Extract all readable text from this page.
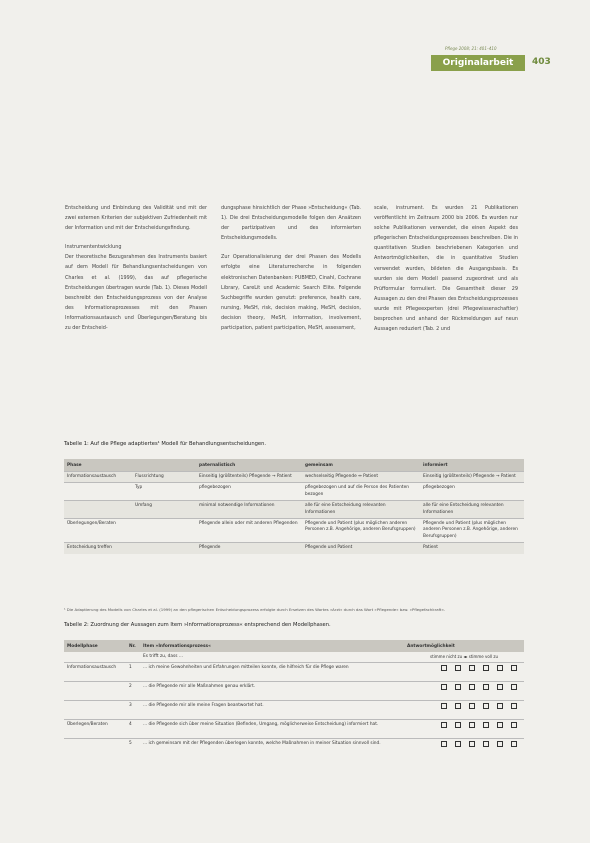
Pflege 2008; 21: 401–410
Originalarbeit	403

Entscheidung und Einbindung des Validität und mit der zwei externen Kriterien der subjektiven Zufriedenheit mit der Information und mit der Entscheidungsfindung.

Instrumententwicklung

Der theoretische Bezugsrahmen des Instruments basiert auf dem Modell für Behandlungsentscheidungen von Charles et al. (1999), das auf pflegerische Entscheidungen übertragen wurde (Tab. 1). Dieses Modell beschreibt den Entscheidungsprozess von der Analyse des Informationsprozesses mit den Phasen Informationsaustausch und Überlegungen/Beratung bis zu der Entscheid-

dungsphase hinsichtlich der Phase »Entscheidung« (Tab. 1). Die drei Entscheidungsmodelle folgen den Ansätzen der partizipativen und des informierten Entscheidungsmodells.

Zur Operationalisierung der drei Phasen des Modells erfolgte eine Literaturrecherche in folgenden elektronischen Datenbanken: PUBMED, Cinahl, Cochrane Library, CareLit und Academic Search Elite. Folgende Suchbegriffe wurden genutzt: preference, health care, nursing, MeSH, risk, decision making, MeSH, decision, decision theory, MeSH, information, involvement, participation, patient participation, MeSH, assessment,

scale, instrument. Es wurden 21 Publikationen veröffentlicht im Zeitraum 2000 bis 2006. Es wurden nur solche Publikationen verwendet, die einen Aspekt des pflegerischen Entscheidungsprozesses beschreiben. Die in quantitativen Studien beschriebenen Kategorien und Antwortmöglichkeiten, die in quantitative Studien verwendet wurden, bildeten die Ausgangsbasis. Es wurden sie dem Modell passend zugeordnet und als Prüfformular formuliert. Die Gesamtheit dieser 29 Aussagen zu den drei Phasen des Entscheidungsprozesses wurde mit Pflegeexperten (drei Pflegewissenschaftler) besprochen und anhand der Rückmeldungen auf neun Aussagen reduziert (Tab. 2 und

Tabelle 1: Auf die Pflege adaptiertes¹ Modell für Behandlungsentscheidungen.
Phase		paternalistisch	gemeinsam	informiert
Informationsaustausch	Flussrichtung	Einseitig (größtenteils) Pflegende → Patient	wechselseitig Pflegende ↔ Patient	Einseitig (größtenteils) Pflegende → Patient
	Typ	pflegebezogen	pflegebezogen und auf die Person des Patienten bezogen	pflegebezogen
	Umfang	minimal notwendige Informationen	alle für eine Entscheidung relevanten Informationen	alle für eine Entscheidung relevanten Informationen
Überlegungen/Beraten		Pflegende allein oder mit anderen Pflegenden	Pflegende und Patient (plus möglichen anderen Personen z.B. Angehörige, anderen Berufsgruppen)	Pflegende und Patient (plus möglichen anderen Personen z.B. Angehörige, anderen Berufsgruppen)
Entscheidung treffen		Pflegende	Pflegende und Patient	Patient
¹ Die Adaptierung des Modells von Charles et al. (1999) an den pflegerischen Entscheidungsprozess erfolgte durch Ersetzen des Wortes »Arzt« durch das Wort »Pflegende« bzw. »Pflegefachkraft«.
Tabelle 2: Zuordnung der Aussagen zum Item »Informationsprozess« entsprechend den Modellphasen.
Modellphase	Nr.	Item »Informationsprozess«	Antwortmöglichkeit
		Es trifft zu, dass ...	stimme nicht zu ◂▸ stimme voll zu
Informationsaustausch	1	... ich meine Gewohnheiten und Erfahrungen mitteilen konnte, die hilfreich für die Pflege waren	
	2	... die Pflegende mir alle Maßnahmen genau erklärt.	
	3	... die Pflegende mir alle meine Fragen beantwortet hat.	
Überlegen/Beraten	4	... die Pflegende sich über meine Situation (Befinden, Umgang, möglicherweise Entscheidung) informiert hat.	
	5	... ich gemeinsam mit der Pflegenden überlegen konnte, welche Maßnahmen in meiner Situation sinnvoll sind.	
